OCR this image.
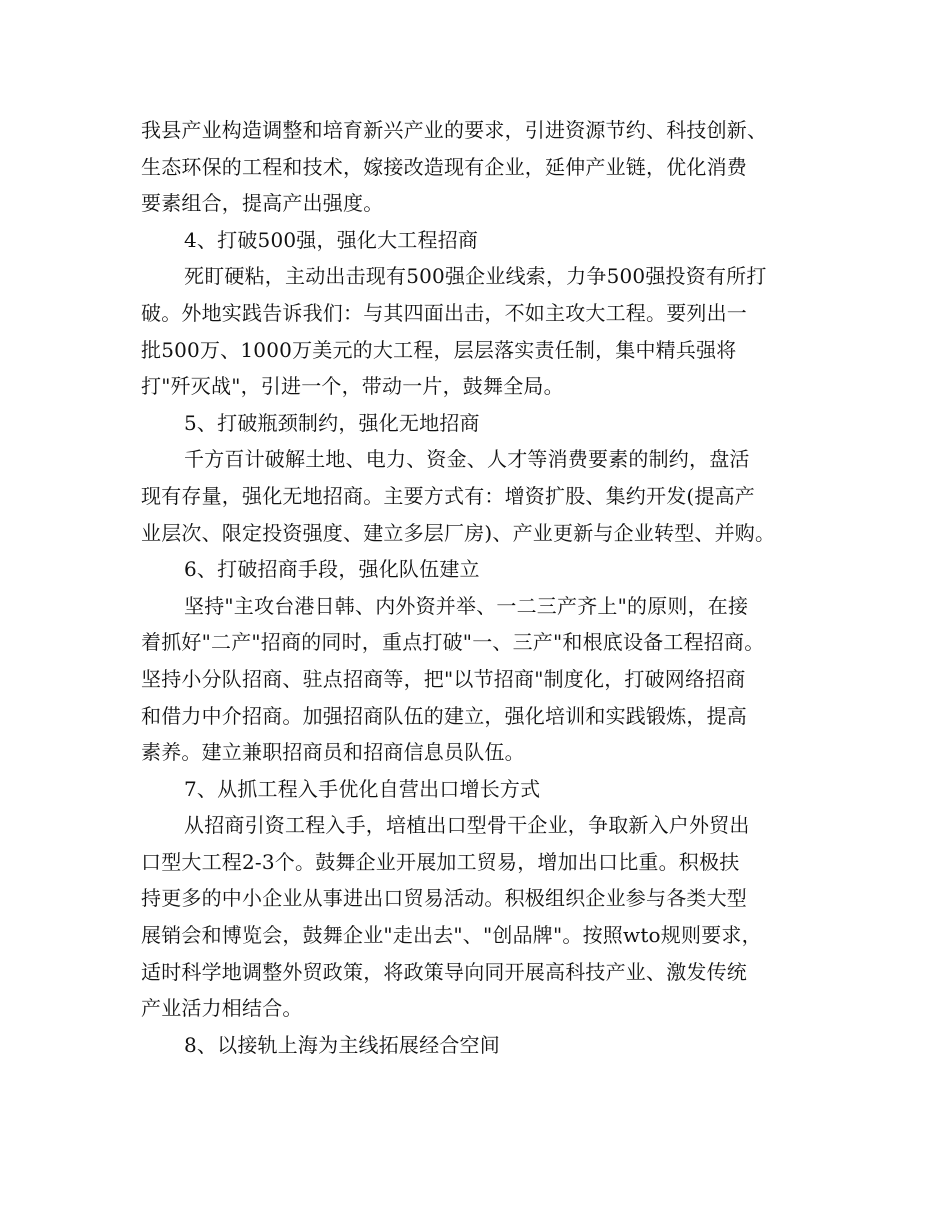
我县产业构造调整和培育新兴产业的要求，引进资源节约、科技创新、
生态环保的工程和技术，嫁接改造现有企业，延伸产业链，优化消费
要素组合，提高产出强度。
4、打破500强，强化大工程招商
死盯硬粘，主动出击现有500强企业线索，力争500强投资有所打
破。外地实践告诉我们：与其四面出击，不如主攻大工程。要列出一
批500万、1000万美元的大工程，层层落实责任制，集中精兵强将
打"歼灭战"，引进一个，带动一片，鼓舞全局。
5、打破瓶颈制约，强化无地招商
千方百计破解土地、电力、资金、人才等消费要素的制约，盘活
现有存量，强化无地招商。主要方式有：增资扩股、集约开发(提高产
业层次、限定投资强度、建立多层厂房)、产业更新与企业转型、并购。
6、打破招商手段，强化队伍建立
坚持"主攻台港日韩、内外资并举、一二三产齐上"的原则，在接
着抓好"二产"招商的同时，重点打破"一、三产"和根底设备工程招商。
坚持小分队招商、驻点招商等，把"以节招商"制度化，打破网络招商
和借力中介招商。加强招商队伍的建立，强化培训和实践锻炼，提高
素养。建立兼职招商员和招商信息员队伍。
7、从抓工程入手优化自营出口增长方式
从招商引资工程入手，培植出口型骨干企业，争取新入户外贸出
口型大工程2-3个。鼓舞企业开展加工贸易，增加出口比重。积极扶
持更多的中小企业从事进出口贸易活动。积极组织企业参与各类大型
展销会和博览会，鼓舞企业"走出去"、"创品牌"。按照wto规则要求，
适时科学地调整外贸政策，将政策导向同开展高科技产业、激发传统
产业活力相结合。
8、以接轨上海为主线拓展经合空间
